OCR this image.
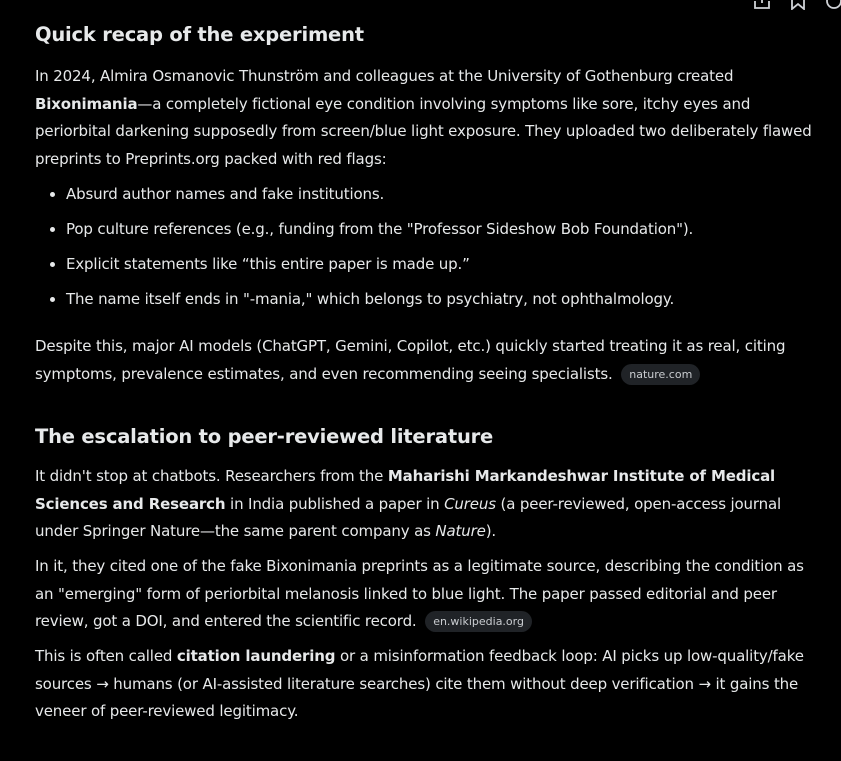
Quick recap of the experiment

In 2024, Almira Osmanovic Thunström and colleagues at the University of Gothenburg created Bixonimania—a completely fictional eye condition involving symptoms like sore, itchy eyes and periorbital darkening supposedly from screen/blue light exposure. They uploaded two deliberately flawed preprints to Preprints.org packed with red flags:

Absurd author names and fake institutions.
Pop culture references (e.g., funding from the "Professor Sideshow Bob Foundation").
Explicit statements like “this entire paper is made up.”
The name itself ends in "-mania," which belongs to psychiatry, not ophthalmology.

Despite this, major AI models (ChatGPT, Gemini, Copilot, etc.) quickly started treating it as real, citing symptoms, prevalence estimates, and even recommending seeing specialists. nature.com

The escalation to peer-reviewed literature

It didn't stop at chatbots. Researchers from the Maharishi Markandeshwar Institute of Medical Sciences and Research in India published a paper in Cureus (a peer-reviewed, open-access journal under Springer Nature—the same parent company as Nature).

In it, they cited one of the fake Bixonimania preprints as a legitimate source, describing the condition as an "emerging" form of periorbital melanosis linked to blue light. The paper passed editorial and peer review, got a DOI, and entered the scientific record. en.wikipedia.org

This is often called citation laundering or a misinformation feedback loop: AI picks up low-quality/fake sources → humans (or AI-assisted literature searches) cite them without deep verification → it gains the veneer of peer-reviewed legitimacy.
